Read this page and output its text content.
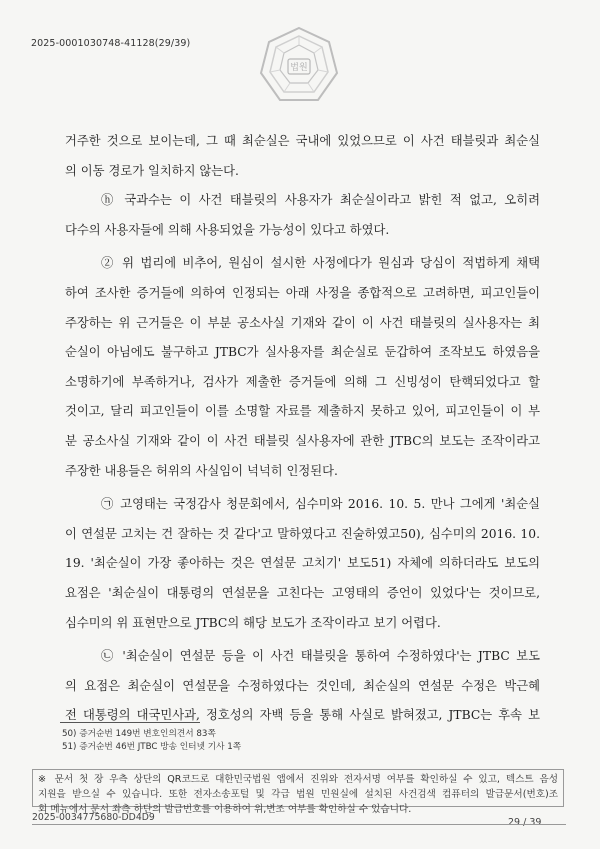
2025-0001030748-41128(29/39)
법원
거주한 것으로 보이는데, 그 때 최순실은 국내에 있었으므로 이 사건 태블릿과 최순실
의 이동 경로가 일치하지 않는다.
ⓗ 국과수는 이 사건 태블릿의 사용자가 최순실이라고 밝힌 적 없고, 오히려
다수의 사용자들에 의해 사용되었을 가능성이 있다고 하였다.
② 위 법리에 비추어, 원심이 설시한 사정에다가 원심과 당심이 적법하게 채택
하여 조사한 증거들에 의하여 인정되는 아래 사정을 종합적으로 고려하면, 피고인들이
주장하는 위 근거들은 이 부분 공소사실 기재와 같이 이 사건 태블릿의 실사용자는 최
순실이 아님에도 불구하고 JTBC가 실사용자를 최순실로 둔갑하여 조작보도 하였음을
소명하기에 부족하거나, 검사가 제출한 증거들에 의해 그 신빙성이 탄핵되었다고 할
것이고, 달리 피고인들이 이를 소명할 자료를 제출하지 못하고 있어, 피고인들이 이 부
분 공소사실 기재와 같이 이 사건 태블릿 실사용자에 관한 JTBC의 보도는 조작이라고
주장한 내용들은 허위의 사실임이 넉넉히 인정된다.
㉠ 고영태는 국정감사 청문회에서, 심수미와 2016. 10. 5. 만나 그에게 '최순실
이 연설문 고치는 건 잘하는 것 같다'고 말하였다고 진술하였고50), 심수미의 2016. 10.
19. '최순실이 가장 좋아하는 것은 연설문 고치기' 보도51) 자체에 의하더라도 보도의
요점은 '최순실이 대통령의 연설문을 고친다는 고영태의 증언이 있었다'는 것이므로,
심수미의 위 표현만으로 JTBC의 해당 보도가 조작이라고 보기 어렵다.
㉡ '최순실이 연설문 등을 이 사건 태블릿을 통하여 수정하였다'는 JTBC 보도
의 요점은 최순실이 연설문을 수정하였다는 것인데, 최순실의 연설문 수정은 박근혜
전 대통령의 대국민사과, 정호성의 자백 등을 통해 사실로 밝혀졌고, JTBC는 후속 보
50) 증거순번 149번 변호인의견서 83쪽
51) 증거순번 46번 JTBC 방송 인터넷 기사 1쪽
※ 문서 첫 장 우측 상단의 QR코드로 대한민국법원 앱에서 진위와 전자서명 여부를 확인하실 수 있고, 텍스트 음성
지원을 받으실 수 있습니다. 또한 전자소송포털 및 각급 법원 민원실에 설치된 사건검색 컴퓨터의 발급문서(번호)조
회 메뉴에서 문서 좌측 하단의 발급번호를 이용하여 위,변조 여부를 확인하실 수 있습니다.
2025-0034775680-DD4D9	29 / 39
